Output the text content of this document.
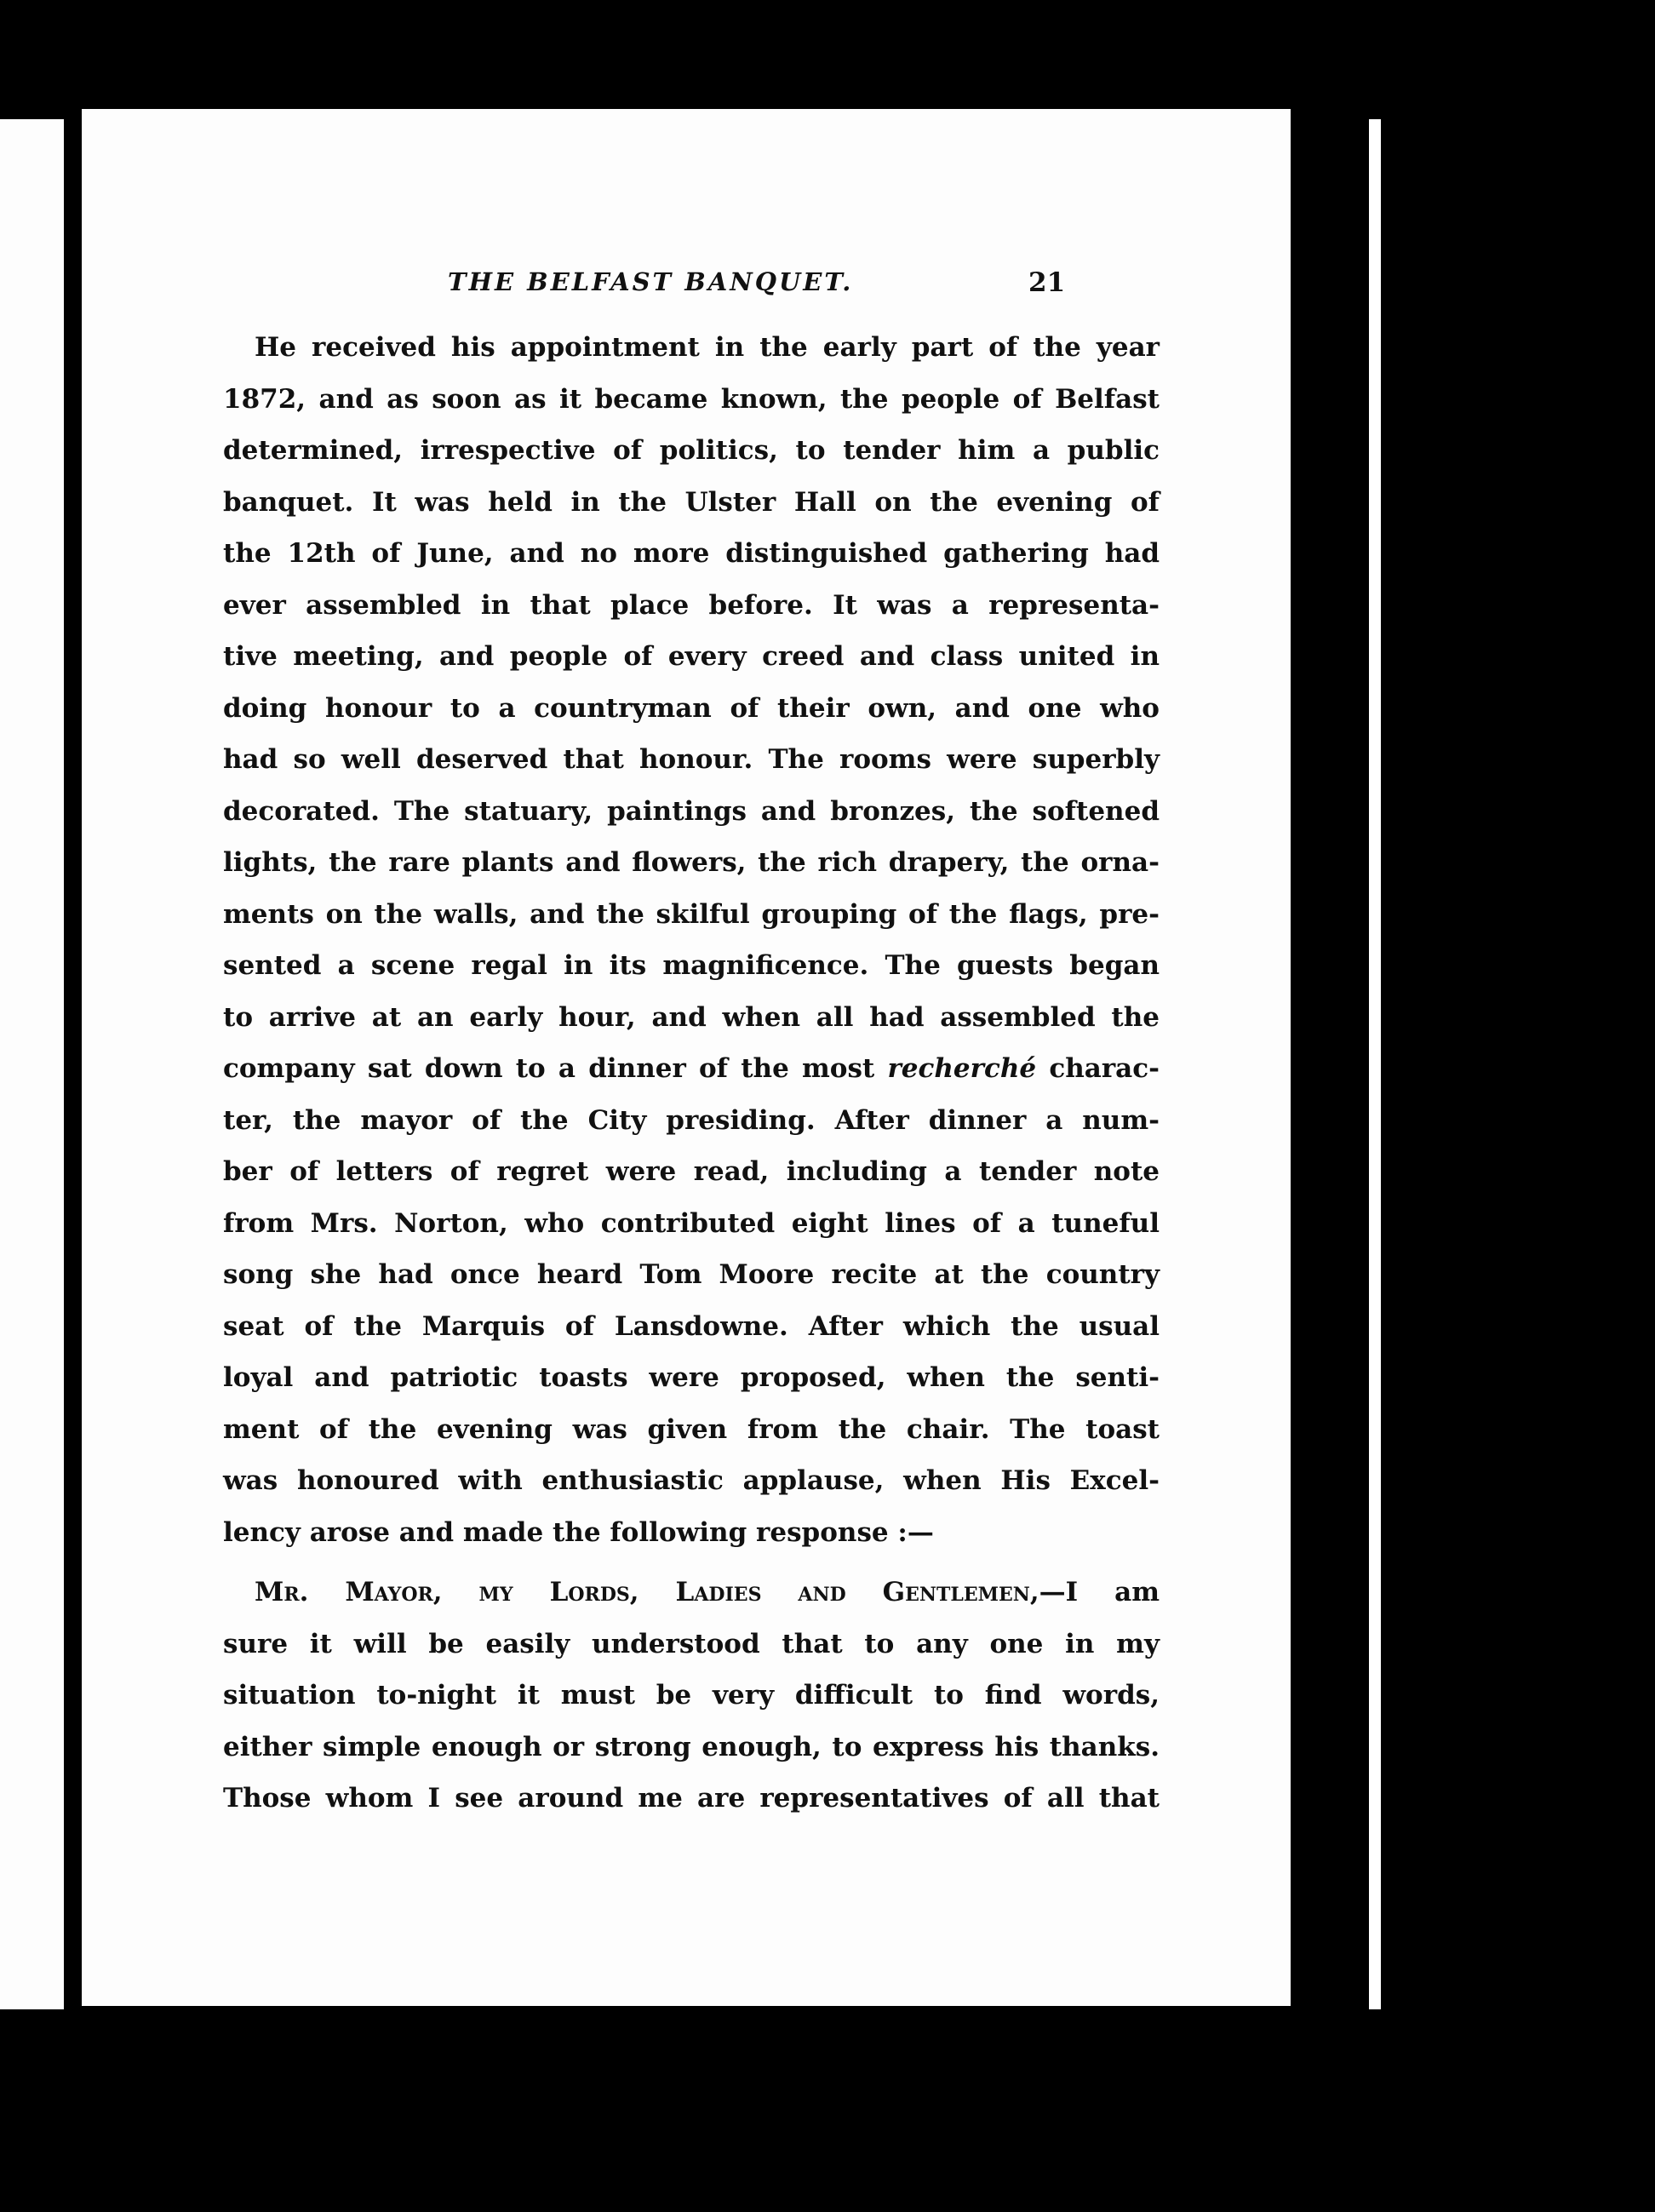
THE BELFAST BANQUET.	21
He received his appointment in the early part of the year
1872, and as soon as it became known, the people of Belfast
determined, irrespective of politics, to tender him a public
banquet. It was held in the Ulster Hall on the evening of
the 12th of June, and no more distinguished gathering had
ever assembled in that place before. It was a representa-
tive meeting, and people of every creed and class united in
doing honour to a countryman of their own, and one who
had so well deserved that honour. The rooms were superbly
decorated. The statuary, paintings and bronzes, the softened
lights, the rare plants and flowers, the rich drapery, the orna-
ments on the walls, and the skilful grouping of the flags, pre-
sented a scene regal in its magnificence. The guests began
to arrive at an early hour, and when all had assembled the
company sat down to a dinner of the most recherché charac-
ter, the mayor of the City presiding. After dinner a num-
ber of letters of regret were read, including a tender note
from Mrs. Norton, who contributed eight lines of a tuneful
song she had once heard Tom Moore recite at the country
seat of the Marquis of Lansdowne. After which the usual
loyal and patriotic toasts were proposed, when the senti-
ment of the evening was given from the chair. The toast
was honoured with enthusiastic applause, when His Excel-
lency arose and made the following response :—
Mr. Mayor, my Lords, Ladies and Gentlemen,—I am
sure it will be easily understood that to any one in my
situation to-night it must be very difficult to find words,
either simple enough or strong enough, to express his thanks.
Those whom I see around me are representatives of all that
